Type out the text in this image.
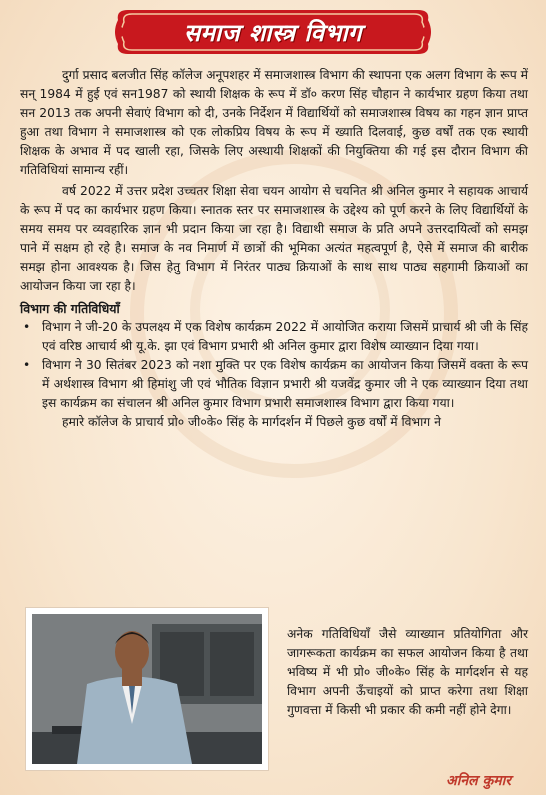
समाज शास्त्र विभाग

दुर्गा प्रसाद बलजीत सिंह कॉलेज अनूपशहर में समाजशास्त्र विभाग की स्थापना एक अलग विभाग के रूप में सन् 1984 में हुई एवं सन1987 को स्थायी शिक्षक के रूप में डॉ० करण सिंह चौहान ने कार्यभार ग्रहण किया तथा सन 2013 तक अपनी सेवाएं विभाग को दी, उनके निर्देशन में विद्यार्थियों को समाजशास्त्र विषय का गहन ज्ञान प्राप्त हुआ तथा विभाग ने समाजशास्त्र को एक लोकप्रिय विषय के रूप में ख्याति दिलवाई, कुछ वर्षों तक एक स्थायी शिक्षक के अभाव में पद खाली रहा, जिसके लिए अस्थायी शिक्षकों की नियुक्तिया की गई इस दौरान विभाग की गतिविधियां सामान्य रहीं।

वर्ष 2022 में उत्तर प्रदेश उच्चतर शिक्षा सेवा चयन आयोग से चयनित श्री अनिल कुमार ने सहायक आचार्य के रूप में पद का कार्यभार ग्रहण किया। स्नातक स्तर पर समाजशास्त्र के उद्देश्य को पूर्ण करने के लिए विद्यार्थियों के समय समय पर व्यवहारिक ज्ञान भी प्रदान किया जा रहा है। विद्याथी समाज के प्रति अपने उत्तरदायित्वों को समझ पाने में सक्षम हो रहे है। समाज के नव निमार्ण में छात्रों की भूमिका अत्यंत महत्वपूर्ण है, ऐसे में समाज की बारीक समझ होना आवश्यक है। जिस हेतु विभाग में निरंतर पाठ्य क्रियाओं के साथ साथ पाठ्य सहगामी क्रियाओं का आयोजन किया जा रहा है।

विभाग की गतिविधियाँ
• विभाग ने जी-20 के उपलक्ष्य में एक विशेष कार्यक्रम 2022 में आयोजित कराया जिसमें प्राचार्य श्री जी के सिंह एवं वरिष्ठ आचार्य श्री यू.के. झा एवं विभाग प्रभारी श्री अनिल कुमार द्वारा विशेष व्याख्यान दिया गया।
• विभाग ने 30 सितंबर 2023 को नशा मुक्ति पर एक विशेष कार्यक्रम का आयोजन किया जिसमें वक्ता के रूप में अर्थशास्त्र विभाग श्री हिमांशु जी एवं भौतिक विज्ञान प्रभारी श्री यजवेंद्र कुमार जी ने एक व्याख्यान दिया तथा इस कार्यक्रम का संचालन श्री अनिल कुमार विभाग प्रभारी समाजशास्त्र विभाग द्वारा किया गया।

हमारे कॉलेज के प्राचार्य प्रो० जी०के० सिंह के मार्गदर्शन में पिछले कुछ वर्षों में विभाग ने

अनेक गतिविधियाँ जैसे व्याख्यान प्रतियोगिता और जागरूकता कार्यक्रम का सफल आयोजन किया है तथा भविष्य में भी प्रो० जी०के० सिंह के मार्गदर्शन से यह विभाग अपनी ऊँचाइयों को प्राप्त करेगा तथा शिक्षा गुणवत्ता में किसी भी प्रकार की कमी नहीं होने देगा।
अनिल कुमार
